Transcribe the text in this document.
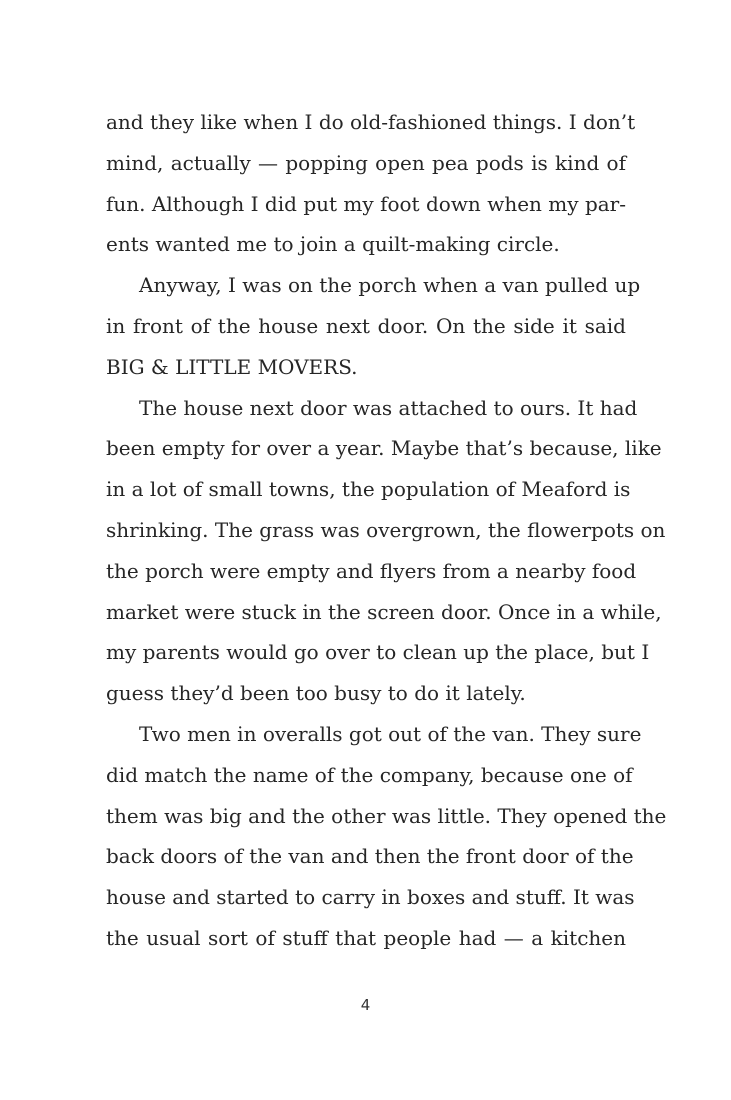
and they like when I do old-fashioned things. I don’t
mind, actually — popping open pea pods is kind of
fun. Although I did put my foot down when my par-
ents wanted me to join a quilt-making circle.
Anyway, I was on the porch when a van pulled up
in front of the house next door. On the side it said
BIG & LITTLE MOVERS.
The house next door was attached to ours. It had
been empty for over a year. Maybe that’s because, like
in a lot of small towns, the population of Meaford is
shrinking. The grass was overgrown, the flowerpots on
the porch were empty and flyers from a nearby food
market were stuck in the screen door. Once in a while,
my parents would go over to clean up the place, but I
guess they’d been too busy to do it lately.
Two men in overalls got out of the van. They sure
did match the name of the company, because one of
them was big and the other was little. They opened the
back doors of the van and then the front door of the
house and started to carry in boxes and stuff. It was
the usual sort of stuff that people had — a kitchen
4
